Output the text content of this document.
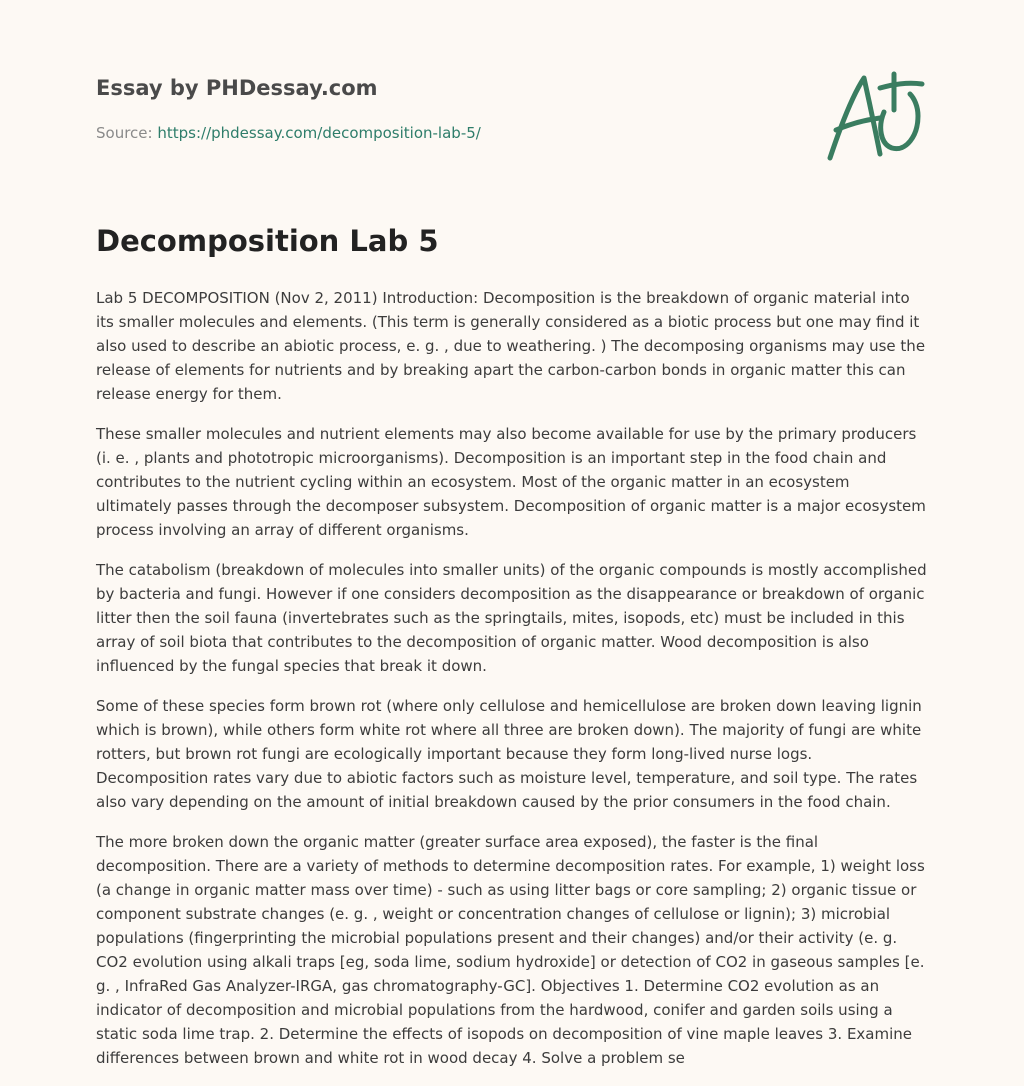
Essay by PHDessay.com
Source: https://phdessay.com/decomposition-lab-5/
Decomposition Lab 5

Lab 5 DECOMPOSITION (Nov 2, 2011) Introduction: Decomposition is the breakdown of organic material into its smaller molecules and elements. (This term is generally considered as a biotic process but one may find it also used to describe an abiotic process, e. g. , due to weathering. ) The decomposing organisms may use the release of elements for nutrients and by breaking apart the carbon-carbon bonds in organic matter this can release energy for them.

These smaller molecules and nutrient elements may also become available for use by the primary producers (i. e. , plants and phototropic microorganisms). Decomposition is an important step in the food chain and contributes to the nutrient cycling within an ecosystem. Most of the organic matter in an ecosystem ultimately passes through the decomposer subsystem. Decomposition of organic matter is a major ecosystem process involving an array of different organisms.

The catabolism (breakdown of molecules into smaller units) of the organic compounds is mostly accomplished by bacteria and fungi. However if one considers decomposition as the disappearance or breakdown of organic litter then the soil fauna (invertebrates such as the springtails, mites, isopods, etc) must be included in this array of soil biota that contributes to the decomposition of organic matter. Wood decomposition is also influenced by the fungal species that break it down.

Some of these species form brown rot (where only cellulose and hemicellulose are broken down leaving lignin which is brown), while others form white rot where all three are broken down). The majority of fungi are white rotters, but brown rot fungi are ecologically important because they form long-lived nurse logs. Decomposition rates vary due to abiotic factors such as moisture level, temperature, and soil type. The rates also vary depending on the amount of initial breakdown caused by the prior consumers in the food chain.

The more broken down the organic matter (greater surface area exposed), the faster is the final decomposition. There are a variety of methods to determine decomposition rates. For example, 1) weight loss (a change in organic matter mass over time) - such as using litter bags or core sampling; 2) organic tissue or component substrate changes (e. g. , weight or concentration changes of cellulose or lignin); 3) microbial populations (fingerprinting the microbial populations present and their changes) and/or their activity (e. g. CO2 evolution using alkali traps [eg, soda lime, sodium hydroxide] or detection of CO2 in gaseous samples [e. g. , InfraRed Gas Analyzer-IRGA, gas chromatography-GC]. Objectives 1. Determine CO2 evolution as an indicator of decomposition and microbial populations from the hardwood, conifer and garden soils using a static soda lime trap. 2. Determine the effects of isopods on decomposition of vine maple leaves 3. Examine differences between brown and white rot in wood decay 4. Solve a problem se
